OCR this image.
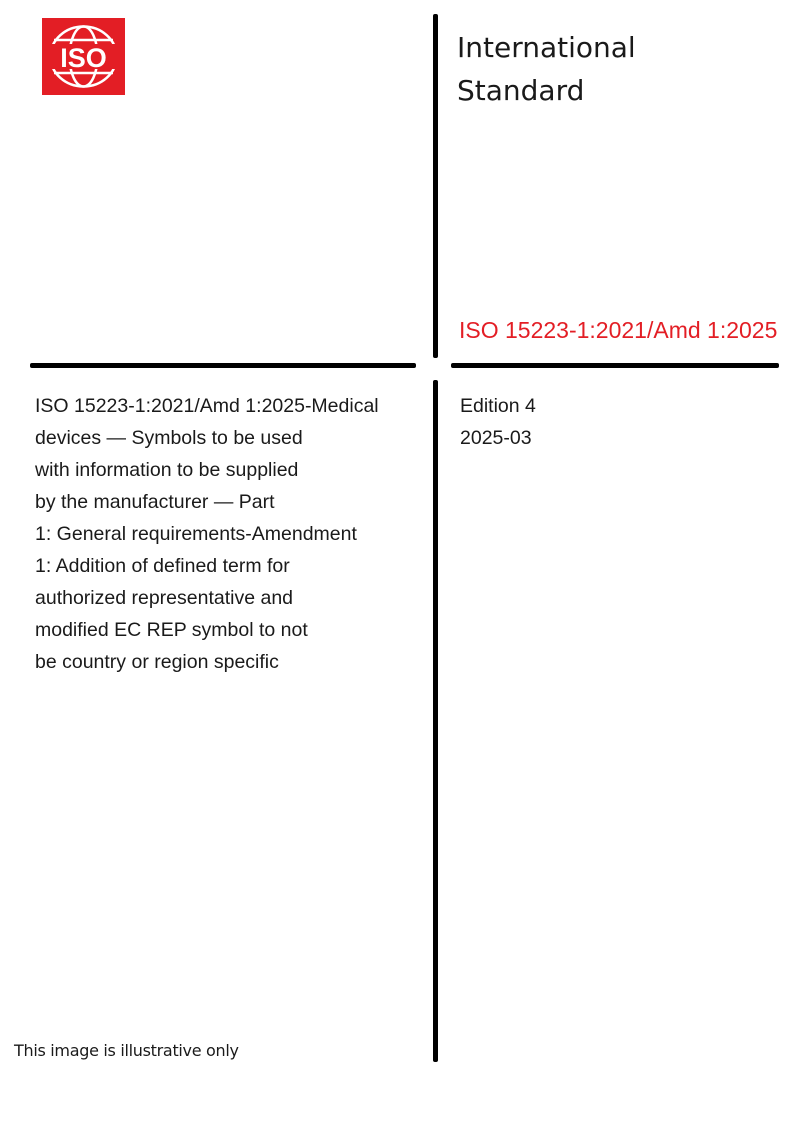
ISO	International
Standard
ISO 15223-1:2021/Amd 1:2025
ISO 15223-1:2021/Amd 1:2025-Medical
devices — Symbols to be used
with information to be supplied
by the manufacturer — Part
1: General requirements-Amendment
1: Addition of defined term for
authorized representative and
modified EC REP symbol to not
be country or region specific
Edition 4
2025-03
This image is illustrative only
